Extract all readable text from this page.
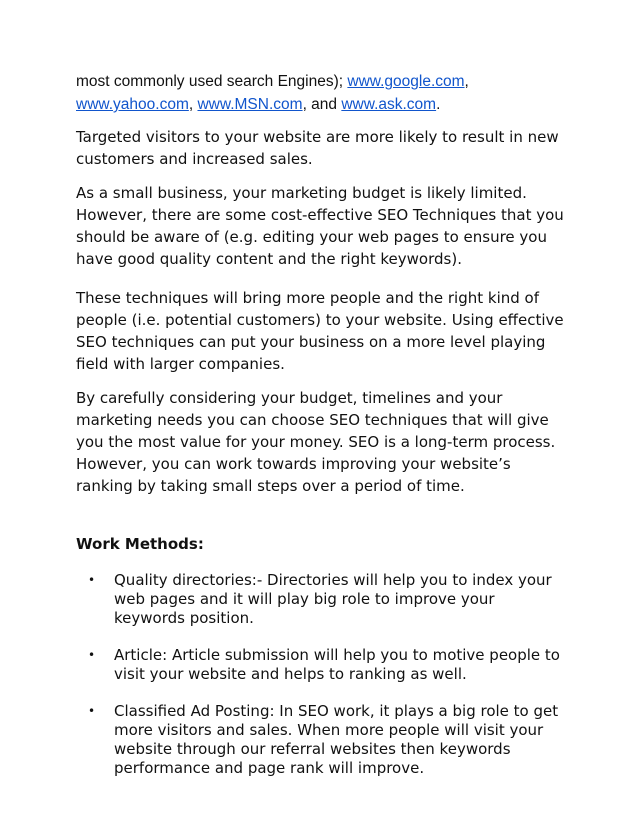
most commonly used search Engines); www.google.com,
www.yahoo.com, www.MSN.com, and www.ask.com.

Targeted visitors to your website are more likely to result in new customers and increased sales.

As a small business, your marketing budget is likely limited. However, there are some cost-effective SEO Techniques that you should be aware of (e.g. editing your web pages to ensure you have good quality content and the right keywords).

These techniques will bring more people and the right kind of people (i.e. potential customers) to your website. Using effective SEO techniques can put your business on a more level playing field with larger companies.

By carefully considering your budget, timelines and your marketing needs you can choose SEO techniques that will give you the most value for your money. SEO is a long-term process. However, you can work towards improving your website’s ranking by taking small steps over a period of time.

Work Methods:

• Quality directories:- Directories will help you to index your web pages and it will play big role to improve your keywords position.
• Article: Article submission will help you to motive people to visit your website and helps to ranking as well.
• Classified Ad Posting: In SEO work, it plays a big role to get more visitors and sales. When more people will visit your website through our referral websites then keywords performance and page rank will improve.
